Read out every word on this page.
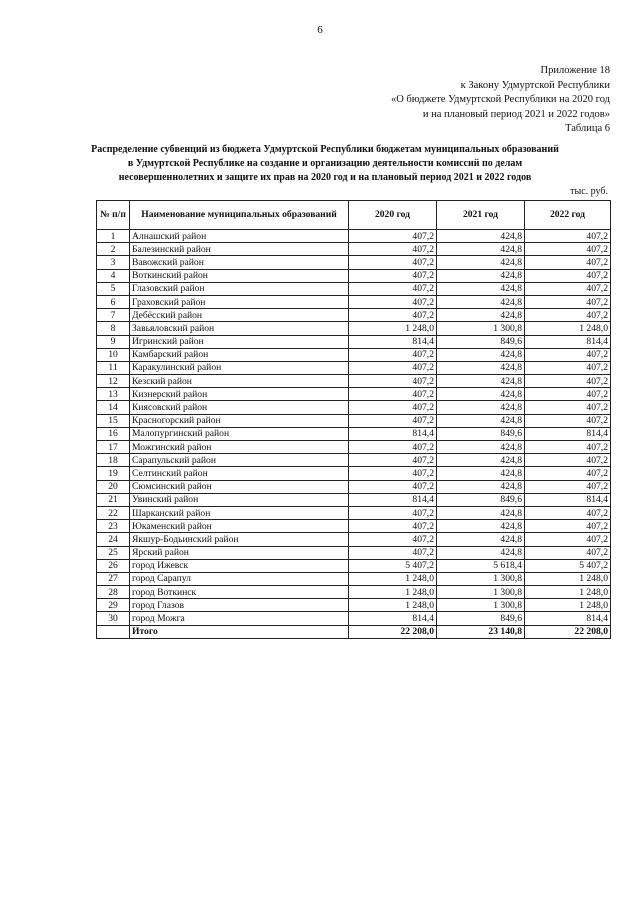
6
Приложение 18
к Закону Удмуртской Республики
«О бюджете Удмуртской Республики на 2020 год
и на плановый период 2021 и 2022 годов»
Таблица 6
Распределение субвенций из бюджета Удмуртской Республики бюджетам муниципальных образований в Удмуртской Республике на создание и организацию деятельности комиссий по делам несовершеннолетних и защите их прав на 2020 год и на плановый период 2021 и 2022 годов
тыс. руб.
№ п/п	Наименование муниципальных образований	2020 год	2021 год	2022 год
1	Алнашский район	407,2	424,8	407,2
2	Балезинский район	407,2	424,8	407,2
3	Вавожский район	407,2	424,8	407,2
4	Воткинский район	407,2	424,8	407,2
5	Глазовский район	407,2	424,8	407,2
6	Граховский район	407,2	424,8	407,2
7	Дебёсский район	407,2	424,8	407,2
8	Завьяловский район	1 248,0	1 300,8	1 248,0
9	Игринский район	814,4	849,6	814,4
10	Камбарский район	407,2	424,8	407,2
11	Каракулинский район	407,2	424,8	407,2
12	Кезский район	407,2	424,8	407,2
13	Кизнерский район	407,2	424,8	407,2
14	Киясовский район	407,2	424,8	407,2
15	Красногорский район	407,2	424,8	407,2
16	Малопургинский район	814,4	849,6	814,4
17	Можгинский район	407,2	424,8	407,2
18	Сарапульский район	407,2	424,8	407,2
19	Селтинский район	407,2	424,8	407,2
20	Сюмсинский район	407,2	424,8	407,2
21	Увинский район	814,4	849,6	814,4
22	Шарканский район	407,2	424,8	407,2
23	Юкаменский район	407,2	424,8	407,2
24	Якшур-Бодьинский район	407,2	424,8	407,2
25	Ярский район	407,2	424,8	407,2
26	город Ижевск	5 407,2	5 618,4	5 407,2
27	город Сарапул	1 248,0	1 300,8	1 248,0
28	город Воткинск	1 248,0	1 300,8	1 248,0
29	город Глазов	1 248,0	1 300,8	1 248,0
30	город Можга	814,4	849,6	814,4
	Итого	22 208,0	23 140,8	22 208,0
